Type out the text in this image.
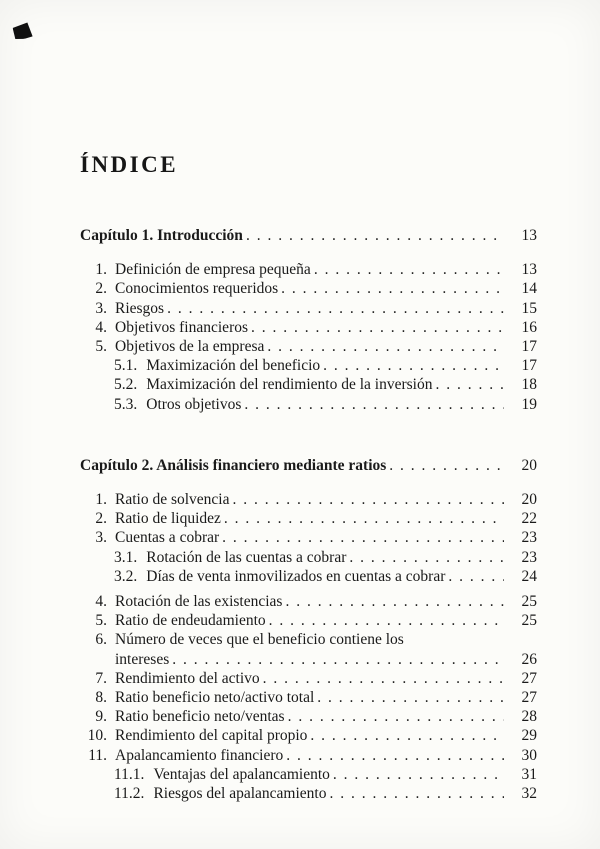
ÍNDICE
Capítulo 1. Introducción . . .	13
1. Definición de empresa pequeña . . .	13
2. Conocimientos requeridos . . .	14
3. Riesgos . . .	15
4. Objetivos financieros . . .	16
5. Objetivos de la empresa . . .	17
5.1. Maximización del beneficio . . .	17
5.2. Maximización del rendimiento de la inversión . . .	18
5.3. Otros objetivos . . .	19
Capítulo 2. Análisis financiero mediante ratios . . .	20
1. Ratio de solvencia . . .	20
2. Ratio de liquidez . . .	22
3. Cuentas a cobrar . . .	23
3.1. Rotación de las cuentas a cobrar . . .	23
3.2. Días de venta inmovilizados en cuentas a cobrar . . .	24
4. Rotación de las existencias . . .	25
5. Ratio de endeudamiento . . .	25
6. Número de veces que el beneficio contiene los
intereses . . .	26
7. Rendimiento del activo . . .	27
8. Ratio beneficio neto/activo total . . .	27
9. Ratio beneficio neto/ventas . . .	28
10. Rendimiento del capital propio . . .	29
11. Apalancamiento financiero . . .	30
11.1. Ventajas del apalancamiento . . .	31
11.2. Riesgos del apalancamiento . . .	32
